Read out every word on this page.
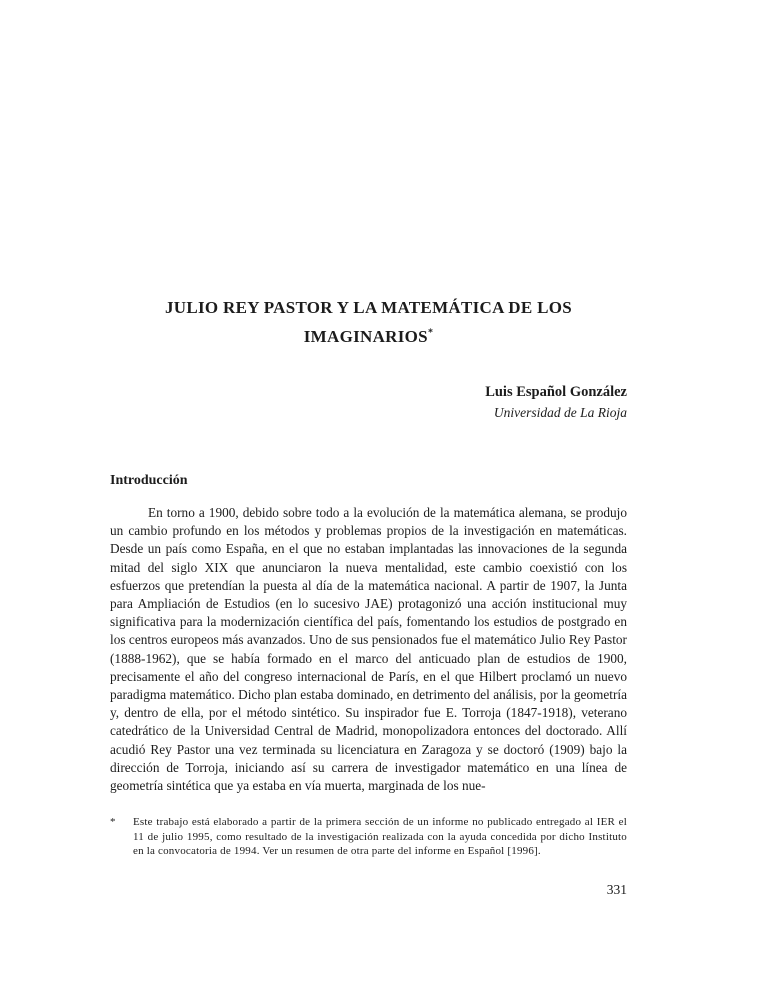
JULIO REY PASTOR Y LA MATEMÁTICA DE LOS
IMAGINARIOS*
Luis Español González
Universidad de La Rioja
Introducción

En torno a 1900, debido sobre todo a la evolución de la matemática alemana, se produjo un cambio profundo en los métodos y problemas propios de la investigación en matemáticas. Desde un país como España, en el que no estaban implantadas las innovaciones de la segunda mitad del siglo XIX que anunciaron la nueva mentalidad, este cambio coexistió con los esfuerzos que pretendían la puesta al día de la matemática nacional. A partir de 1907, la Junta para Ampliación de Estudios (en lo sucesivo JAE) protagonizó una acción institucional muy significativa para la modernización científica del país, fomentando los estudios de postgrado en los centros europeos más avanzados. Uno de sus pensionados fue el matemático Julio Rey Pastor (1888-1962), que se había formado en el marco del anticuado plan de estudios de 1900, precisamente el año del congreso internacional de París, en el que Hilbert proclamó un nuevo paradigma matemático. Dicho plan estaba dominado, en detrimento del análisis, por la geometría y, dentro de ella, por el método sintético. Su inspirador fue E. Torroja (1847-1918), veterano catedrático de la Universidad Central de Madrid, monopolizadora entonces del doctorado. Allí acudió Rey Pastor una vez terminada su licenciatura en Zaragoza y se doctoró (1909) bajo la dirección de Torroja, iniciando así su carrera de investigador matemático en una línea de geometría sintética que ya estaba en vía muerta, marginada de los nue-

* Este trabajo está elaborado a partir de la primera sección de un informe no publicado entregado al IER el 11 de julio 1995, como resultado de la investigación realizada con la ayuda concedida por dicho Instituto en la convocatoria de 1994. Ver un resumen de otra parte del informe en Español [1996].
331
